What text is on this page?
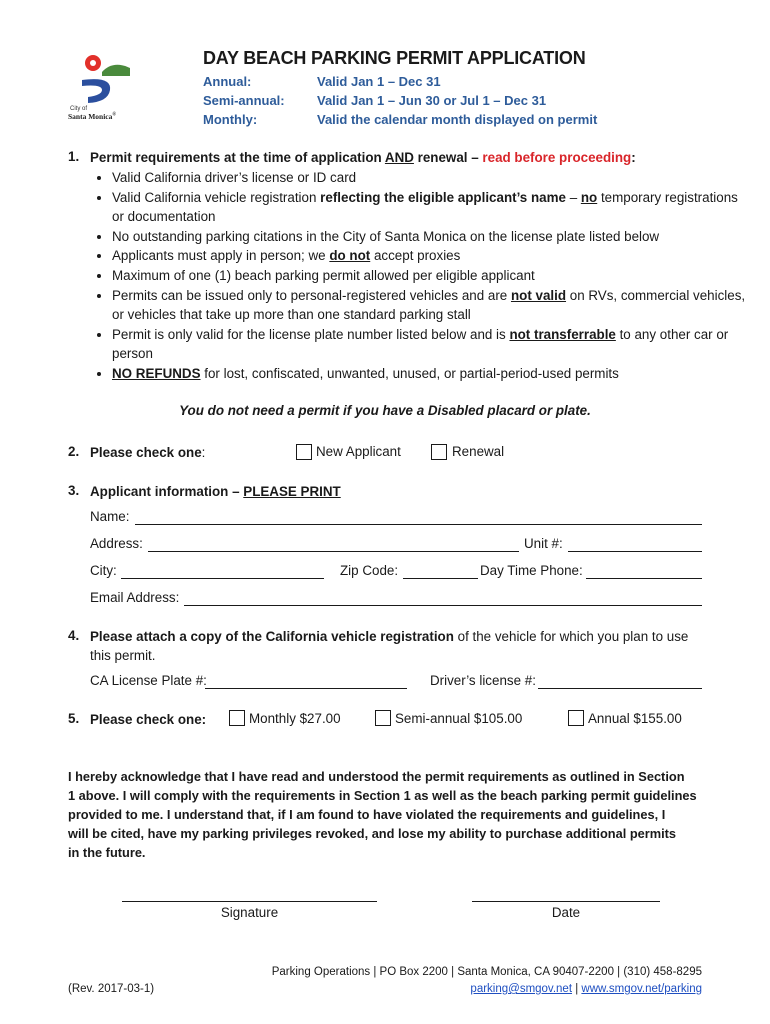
City of
Santa Monica®
DAY BEACH PARKING PERMIT APPLICATION
Annual:	Valid Jan 1 – Dec 31
Semi-annual: Valid Jan 1 – Jun 30 or Jul 1 – Dec 31
Monthly:	Valid the calendar month displayed on permit
1. Permit requirements at the time of application AND renewal – read before proceeding:
• Valid California driver’s license or ID card
• Valid California vehicle registration reflecting the eligible applicant’s name – no temporary registrations or documentation
• No outstanding parking citations in the City of Santa Monica on the license plate listed below
• Applicants must apply in person; we do not accept proxies
• Maximum of one (1) beach parking permit allowed per eligible applicant
• Permits can be issued only to personal-registered vehicles and are not valid on RVs, commercial vehicles, or vehicles that take up more than one standard parking stall
• Permit is only valid for the license plate number listed below and is not transferrable to any other car or person
• NO REFUNDS for lost, confiscated, unwanted, unused, or partial-period-used permits
You do not need a permit if you have a Disabled placard or plate.
2. Please check one:	New Applicant	Renewal
3. Applicant information – PLEASE PRINT
Name:
Address:	Unit #:
City:	Zip Code:	Day Time Phone:
Email Address:
4. Please attach a copy of the California vehicle registration of the vehicle for which you plan to use
this permit.
CA License Plate #:	Driver’s license #:
5. Please check one:	Monthly $27.00	Semi-annual $105.00	Annual $155.00
I hereby acknowledge that I have read and understood the permit requirements as outlined in Section
1 above. I will comply with the requirements in Section 1 as well as the beach parking permit guidelines
provided to me. I understand that, if I am found to have violated the requirements and guidelines, I
will be cited, have my parking privileges revoked, and lose my ability to purchase additional permits
in the future.
Signature	Date
Parking Operations | PO Box 2200 | Santa Monica, CA 90407-2200 | (310) 458-8295
parking@smgov.net | www.smgov.net/parking
(Rev. 2017-03-1)
